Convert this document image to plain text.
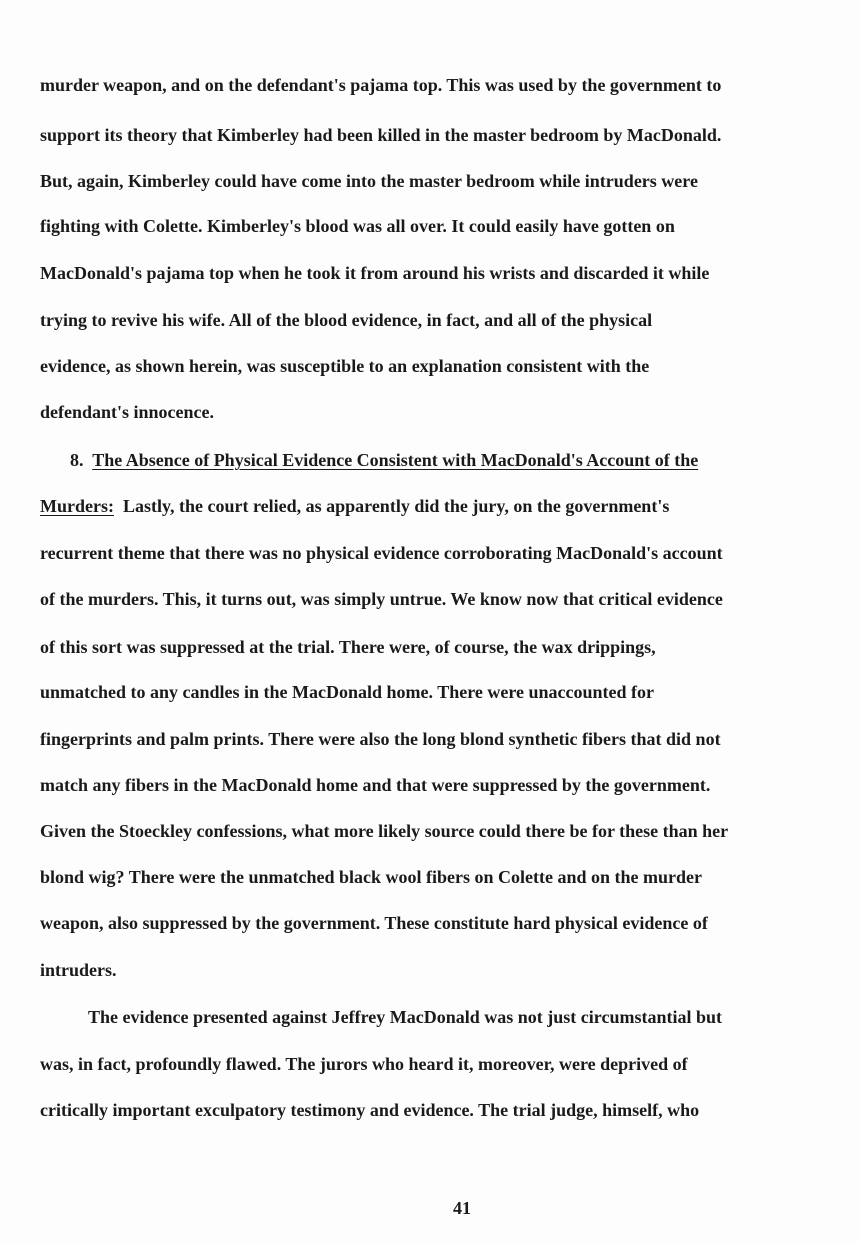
murder weapon, and on the defendant's pajama top. This was used by the government to
support its theory that Kimberley had been killed in the master bedroom by MacDonald.
But, again, Kimberley could have come into the master bedroom while intruders were
fighting with Colette. Kimberley's blood was all over. It could easily have gotten on
MacDonald's pajama top when he took it from around his wrists and discarded it while
trying to revive his wife. All of the blood evidence, in fact, and all of the physical
evidence, as shown herein, was susceptible to an explanation consistent with the
defendant's innocence.
8. The Absence of Physical Evidence Consistent with MacDonald's Account of the
Murders: Lastly, the court relied, as apparently did the jury, on the government's
recurrent theme that there was no physical evidence corroborating MacDonald's account
of the murders. This, it turns out, was simply untrue. We know now that critical evidence
of this sort was suppressed at the trial. There were, of course, the wax drippings,
unmatched to any candles in the MacDonald home. There were unaccounted for
fingerprints and palm prints. There were also the long blond synthetic fibers that did not
match any fibers in the MacDonald home and that were suppressed by the government.
Given the Stoeckley confessions, what more likely source could there be for these than her
blond wig? There were the unmatched black wool fibers on Colette and on the murder
weapon, also suppressed by the government. These constitute hard physical evidence of
intruders.
The evidence presented against Jeffrey MacDonald was not just circumstantial but
was, in fact, profoundly flawed. The jurors who heard it, moreover, were deprived of
critically important exculpatory testimony and evidence. The trial judge, himself, who
41
